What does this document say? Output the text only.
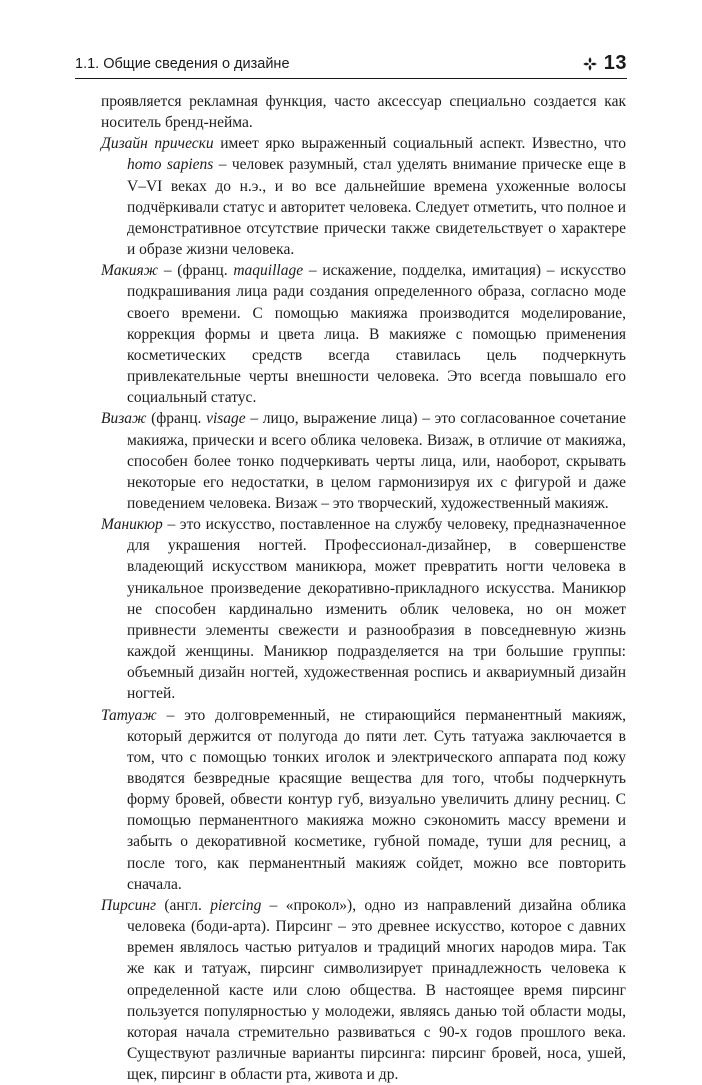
1.1. Общие сведения о дизайне	13

проявляется рекламная функция, часто аксессуар специально создается как носитель бренд-нейма.

Дизайн прически имеет ярко выраженный социальный аспект. Известно, что homo sapiens – человек разумный, стал уделять внимание прическе еще в V–VI веках до н.э., и во все дальнейшие времена ухоженные волосы подчёркивали статус и авторитет человека. Следует отметить, что полное и демонстративное отсутствие прически также свидетельствует о характере и образе жизни человека.

Макияж – (франц. maquillage – искажение, подделка, имитация) – искусство подкрашивания лица ради создания определенного образа, согласно моде своего времени. С помощью макияжа производится моделирование, коррекция формы и цвета лица. В макияже с помощью применения косметических средств всегда ставилась цель подчеркнуть привлекательные черты внешности человека. Это всегда повышало его социальный статус.

Визаж (франц. visage – лицо, выражение лица) – это согласованное сочетание макияжа, прически и всего облика человека. Визаж, в отличие от макияжа, способен более тонко подчеркивать черты лица, или, наоборот, скрывать некоторые его недостатки, в целом гармонизируя их с фигурой и даже поведением человека. Визаж – это творческий, художественный макияж.

Маникюр – это искусство, поставленное на службу человеку, предназначенное для украшения ногтей. Профессионал-дизайнер, в совершенстве владеющий искусством маникюра, может превратить ногти человека в уникальное произведение декоративно-прикладного искусства. Маникюр не способен кардинально изменить облик человека, но он может привнести элементы свежести и разнообразия в повседневную жизнь каждой женщины. Маникюр подразделяется на три большие группы: объемный дизайн ногтей, художественная роспись и аквариумный дизайн ногтей.

Татуаж – это долговременный, не стирающийся перманентный макияж, который держится от полугода до пяти лет. Суть татуажа заключается в том, что с помощью тонких иголок и электрического аппарата под кожу вводятся безвредные красящие вещества для того, чтобы подчеркнуть форму бровей, обвести контур губ, визуально увеличить длину ресниц. С помощью перманентного макияжа можно сэкономить массу времени и забыть о декоративной косметике, губной помаде, туши для ресниц, а после того, как перманентный макияж сойдет, можно все повторить сначала.

Пирсинг (англ. piercing – «прокол»), одно из направлений дизайна облика человека (боди-арта). Пирсинг – это древнее искусство, которое с давних времен являлось частью ритуалов и традиций многих народов мира. Так же как и татуаж, пирсинг символизирует принадлежность человека к определенной касте или слою общества. В настоящее время пирсинг пользуется популярностью у молодежи, являясь данью той области моды, которая начала стремительно развиваться с 90-х годов прошлого века. Существуют различные варианты пирсинга: пирсинг бровей, носа, ушей, щек, пирсинг в области рта, живота и др.
